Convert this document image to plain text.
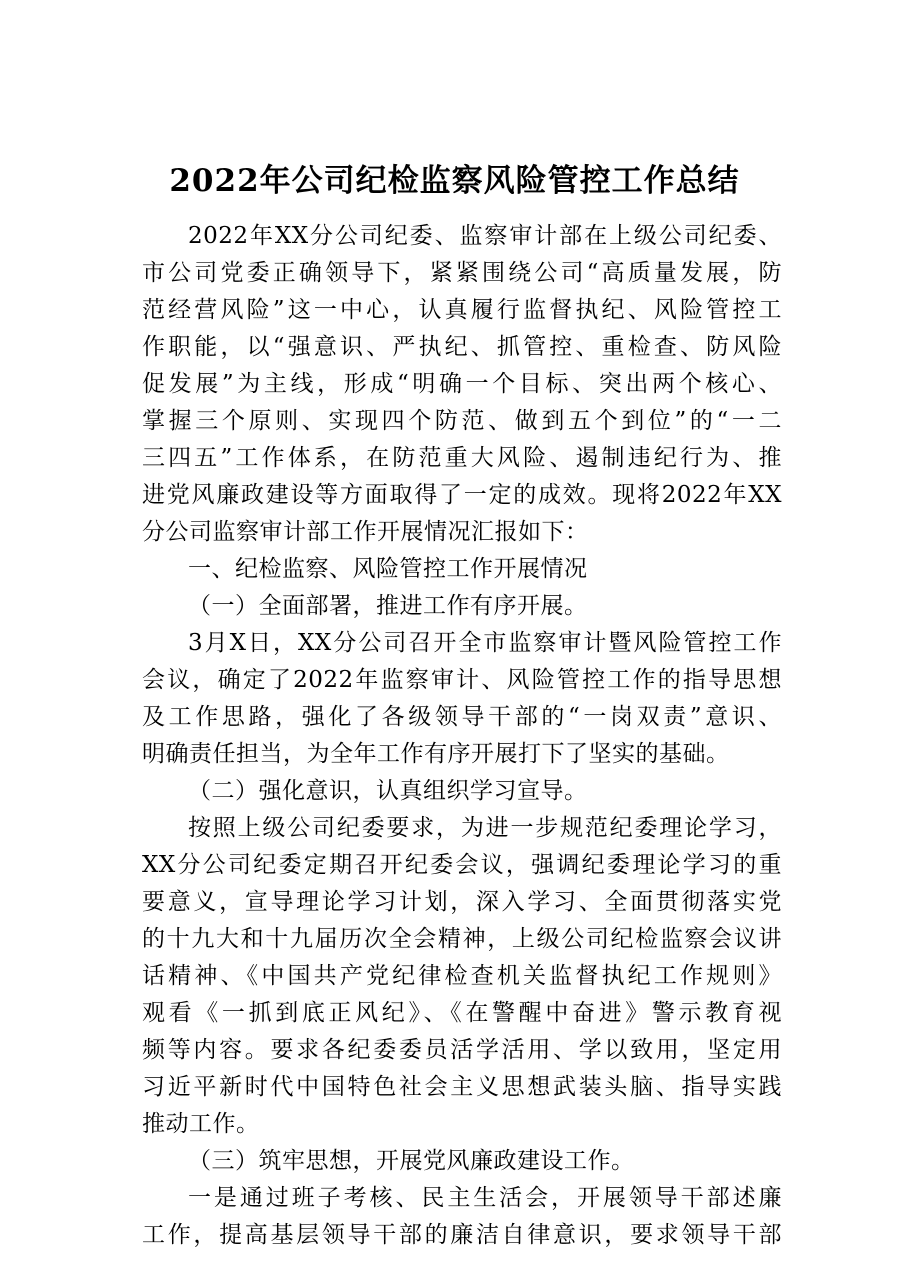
2022年公司纪检监察风险管控工作总结
2022年XX分公司纪委、监察审计部在上级公司纪委、
市公司党委正确领导下，紧紧围绕公司“高质量发展，防
范经营风险”这一中心，认真履行监督执纪、风险管控工
作职能，以“强意识、严执纪、抓管控、重检查、防风险
促发展”为主线，形成“明确一个目标、突出两个核心、
掌握三个原则、实现四个防范、做到五个到位”的“一二
三四五”工作体系，在防范重大风险、遏制违纪行为、推
进党风廉政建设等方面取得了一定的成效。现将2022年XX
分公司监察审计部工作开展情况汇报如下：
一、纪检监察、风险管控工作开展情况
（一）全面部署，推进工作有序开展。
3月X日，XX分公司召开全市监察审计暨风险管控工作
会议，确定了2022年监察审计、风险管控工作的指导思想
及工作思路，强化了各级领导干部的“一岗双责”意识、
明确责任担当，为全年工作有序开展打下了坚实的基础。
（二）强化意识，认真组织学习宣导。
按照上级公司纪委要求，为进一步规范纪委理论学习，
XX分公司纪委定期召开纪委会议，强调纪委理论学习的重
要意义，宣导理论学习计划，深入学习、全面贯彻落实党
的十九大和十九届历次全会精神，上级公司纪检监察会议讲
话精神、《中国共产党纪律检查机关监督执纪工作规则》
观看《一抓到底正风纪》、《在警醒中奋进》警示教育视
频等内容。要求各纪委委员活学活用、学以致用，坚定用
习近平新时代中国特色社会主义思想武装头脑、指导实践
推动工作。
（三）筑牢思想，开展党风廉政建设工作。
一是通过班子考核、民主生活会，开展领导干部述廉
工作，提高基层领导干部的廉洁自律意识，要求领导干部
